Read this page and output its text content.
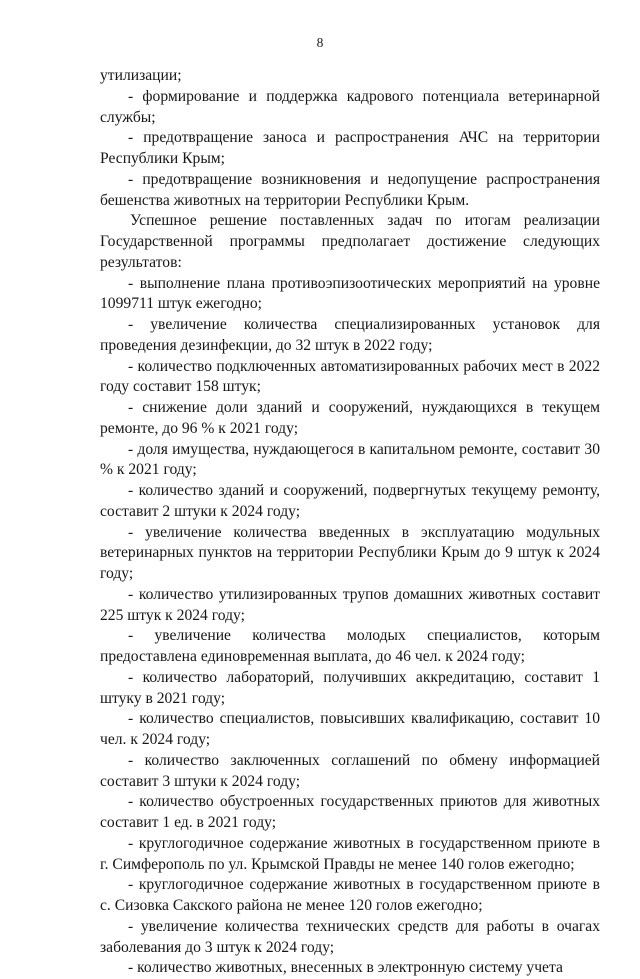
8

утилизации;

- формирование и поддержка кадрового потенциала ветеринарной службы;

- предотвращение заноса и распространения АЧС на территории Республики Крым;

- предотвращение возникновения и недопущение распространения бешенства животных на территории Республики Крым.

Успешное решение поставленных задач по итогам реализации Государственной программы предполагает достижение следующих результатов:

- выполнение плана противоэпизоотических мероприятий на уровне 1099711 штук ежегодно;

- увеличение количества специализированных установок для проведения дезинфекции, до 32 штук в 2022 году;

- количество подключенных автоматизированных рабочих мест в 2022 году составит 158 штук;

- снижение доли зданий и сооружений, нуждающихся в текущем ремонте, до 96 % к 2021 году;

- доля имущества, нуждающегося в капитальном ремонте, составит 30 % к 2021 году;

- количество зданий и сооружений, подвергнутых текущему ремонту, составит 2 штуки к 2024 году;

- увеличение количества введенных в эксплуатацию модульных ветеринарных пунктов на территории Республики Крым до 9 штук к 2024 году;

- количество утилизированных трупов домашних животных составит 225 штук к 2024 году;

- увеличение количества молодых специалистов, которым предоставлена единовременная выплата, до 46 чел. к 2024 году;

- количество лабораторий, получивших аккредитацию, составит 1 штуку в 2021 году;

- количество специалистов, повысивших квалификацию, составит 10 чел. к 2024 году;

- количество заключенных соглашений по обмену информацией составит 3 штуки к 2024 году;

- количество обустроенных государственных приютов для животных составит 1 ед. в 2021 году;

- круглогодичное содержание животных в государственном приюте в г. Симферополь по ул. Крымской Правды не менее 140 голов ежегодно;

- круглогодичное содержание животных в государственном приюте в с. Сизовка Сакского района не менее 120 голов ежегодно;

- увеличение количества технических средств для работы в очагах заболевания до 3 штук к 2024 году;

- количество животных, внесенных в электронную систему учета
